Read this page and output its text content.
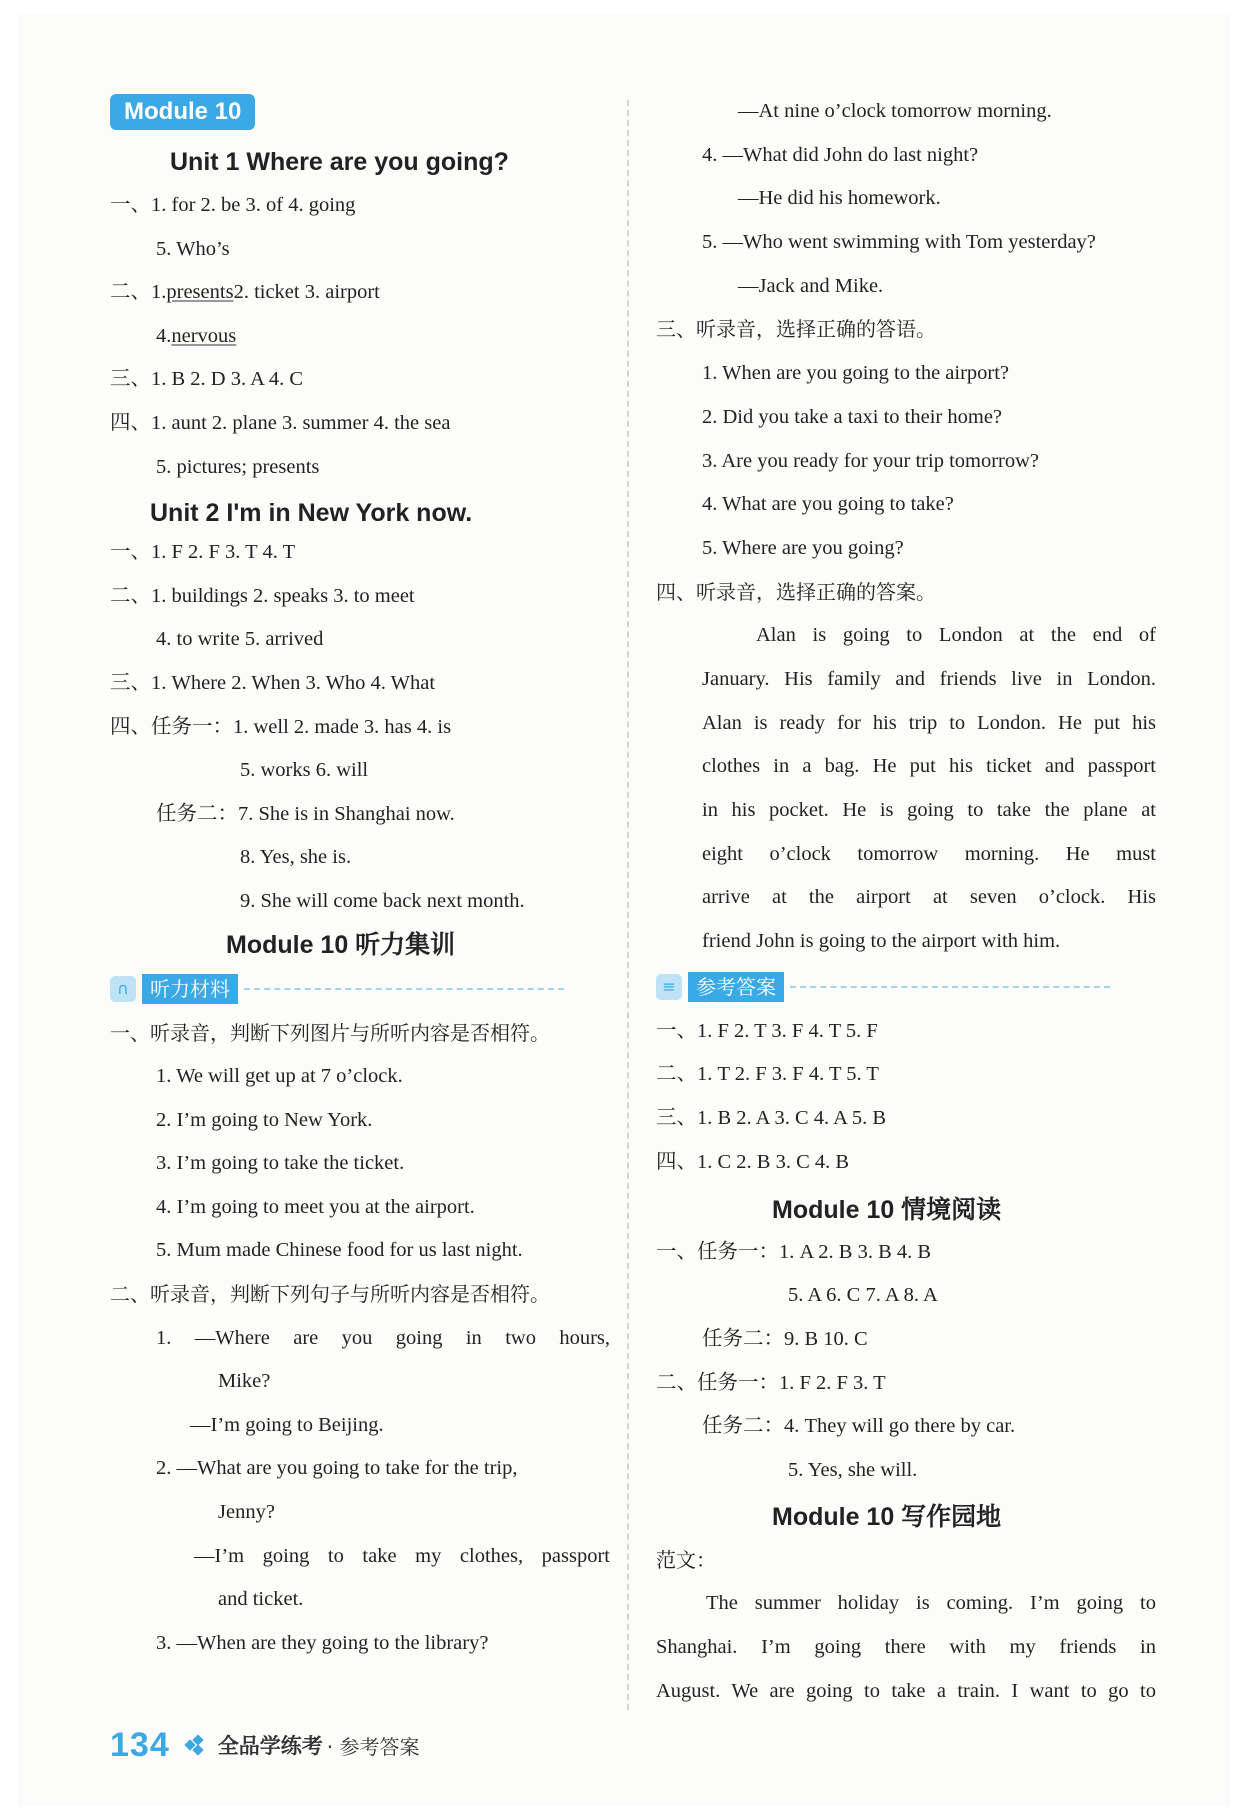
Module 10
Unit 1 Where are you going?
一、1. for 2. be 3. of 4. going
5. Who’s
二、1.presents2. ticket 3. airport
4.nervous
三、1. B 2. D 3. A 4. C
四、1. aunt 2. plane 3. summer 4. the sea
5. pictures; presents
Unit 2 I'm in New York now.
一、1. F 2. F 3. T 4. T
二、1. buildings 2. speaks 3. to meet
4. to write 5. arrived
三、1. Where 2. When 3. Who 4. What
四、任务一：1. well 2. made 3. has 4. is
5. works 6. will
任务二：7. She is in Shanghai now.
8. Yes, she is.
9. She will come back next month.
Module 10 听力集训
∩	听力材料
一、听录音，判断下列图片与所听内容是否相符。
1. We will get up at 7 o’clock.
2. I’m going to New York.
3. I’m going to take the ticket.
4. I’m going to meet you at the airport.
5. Mum made Chinese food for us last night.
二、听录音，判断下列句子与所听内容是否相符。
1. —Where are you going in two hours,
Mike?
—I’m going to Beijing.
2. —What are you going to take for the trip,
Jenny?
—I’m going to take my clothes, passport
and ticket.
3. —When are they going to the library?
—At nine o’clock tomorrow morning.
4. —What did John do last night?
—He did his homework.
5. —Who went swimming with Tom yesterday?
—Jack and Mike.
三、听录音，选择正确的答语。
1. When are you going to the airport?
2. Did you take a taxi to their home?
3. Are you ready for your trip tomorrow?
4. What are you going to take?
5. Where are you going?
四、听录音，选择正确的答案。
Alan is going to London at the end of
January. His family and friends live in London.
Alan is ready for his trip to London. He put his
clothes in a bag. He put his ticket and passport
in his pocket. He is going to take the plane at
eight o’clock tomorrow morning. He must
arrive at the airport at seven o’clock. His
friend John is going to the airport with him.
≡	参考答案
一、1. F 2. T 3. F 4. T 5. F
二、1. T 2. F 3. F 4. T 5. T
三、1. B 2. A 3. C 4. A 5. B
四、1. C 2. B 3. C 4. B
Module 10 情境阅读
一、任务一：1. A 2. B 3. B 4. B
5. A 6. C 7. A 8. A
任务二：9. B 10. C
二、任务一：1. F 2. F 3. T
任务二：4. They will go there by car.
5. Yes, she will.
Module 10 写作园地
范文：
The summer holiday is coming. I’m going to
Shanghai. I’m going there with my friends in
August. We are going to take a train. I want to go to
134 全品学练考 · 参考答案
